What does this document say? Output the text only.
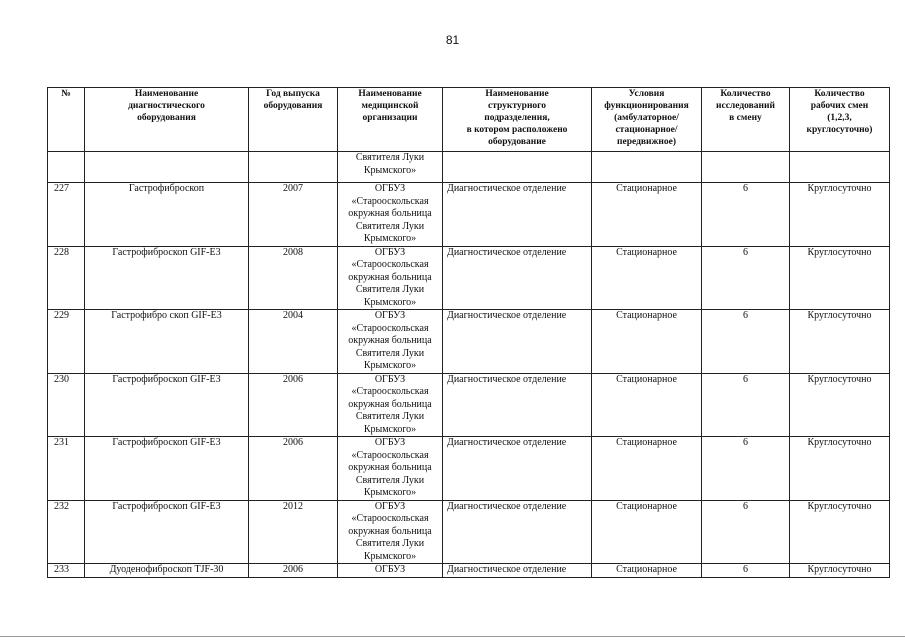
81
№	Наименование
диагностического
оборудования	Год выпуска
оборудования	Наименование
медицинской
организации	Наименование
структурного
подразделения,
в котором расположено
оборудование	Условия
функционирования
(амбулаторное/
стационарное/
передвижное)	Количество
исследований
в смену	Количество
рабочих смен
(1,2,3,
круглосуточно)
			Святителя Луки
Крымского»				
227	Гастрофиброскоп	2007	ОГБУЗ
«Старооскольская
окружная больница
Святителя Луки
Крымского»	Диагностическое отделение	Стационарное	6	Круглосуточно
228	Гастрофиброскоп GIF-E3	2008	ОГБУЗ
«Старооскольская
окружная больница
Святителя Луки
Крымского»	Диагностическое отделение	Стационарное	6	Круглосуточно
229	Гастрофибро скоп GIF-E3	2004	ОГБУЗ
«Старооскольская
окружная больница
Святителя Луки
Крымского»	Диагностическое отделение	Стационарное	6	Круглосуточно
230	Гастрофиброскоп GIF-E3	2006	ОГБУЗ
«Старооскольская
окружная больница
Святителя Луки
Крымского»	Диагностическое отделение	Стационарное	6	Круглосуточно
231	Гастрофиброскоп GIF-E3	2006	ОГБУЗ
«Старооскольская
окружная больница
Святителя Луки
Крымского»	Диагностическое отделение	Стационарное	6	Круглосуточно
232	Гастрофиброскоп GIF-E3	2012	ОГБУЗ
«Старооскольская
окружная больница
Святителя Луки
Крымского»	Диагностическое отделение	Стационарное	6	Круглосуточно
233	Дуоденофиброскоп TJF-30	2006	ОГБУЗ	Диагностическое отделение	Стационарное	6	Круглосуточно
